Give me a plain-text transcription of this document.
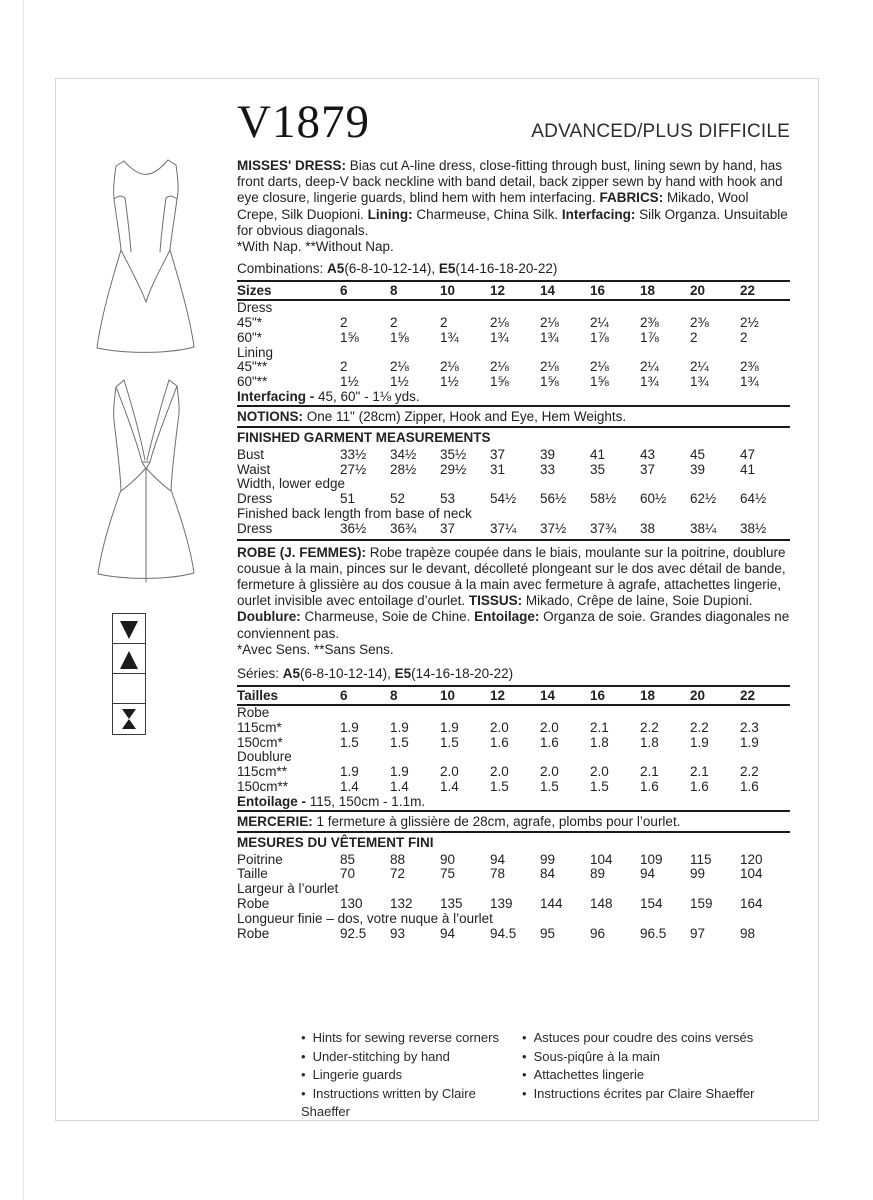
V1879	ADVANCED/PLUS DIFFICILE
MISSES' DRESS: Bias cut A-line dress, close-fitting through bust, lining sewn by hand, has front darts, deep-V back neckline with band detail, back zipper sewn by hand with hook and eye closure, lingerie guards, blind hem with hem interfacing. FABRICS: Mikado, Wool Crepe, Silk Duopioni. Lining: Charmeuse, China Silk. Interfacing: Silk Organza. Unsuitable for obvious diagonals.
*With Nap. **Without Nap.
Combinations: A5(6-8-10-12-14), E5(14-16-18-20-22)
Sizes	6	8	10	12	14	16	18	20	22
Dress									
45"*	2	2	2	2⅛	2⅛	2¼	2⅜	2⅜	2½
60"*	1⅝	1⅝	1¾	1¾	1¾	1⅞	1⅞	2	2
Lining									
45"**	2	2⅛	2⅛	2⅛	2⅛	2⅛	2¼	2¼	2⅜
60"**	1½	1½	1½	1⅝	1⅝	1⅝	1¾	1¾	1¾
Interfacing - 45, 60" - 1⅛ yds.									
NOTIONS: One 11" (28cm) Zipper, Hook and Eye, Hem Weights.
FINISHED GARMENT MEASUREMENTS
Bust	33½	34½	35½	37	39	41	43	45	47
Waist	27½	28½	29½	31	33	35	37	39	41
Width, lower edge									
Dress	51	52	53	54½	56½	58½	60½	62½	64½
Finished back length from base of neck									
Dress	36½	36¾	37	37¼	37½	37¾	38	38¼	38½
ROBE (J. FEMMES): Robe trapèze coupée dans le biais, moulante sur la poitrine, doublure cousue à la main, pinces sur le devant, décolleté plongeant sur le dos avec détail de bande, fermeture à glissière au dos cousue à la main avec fermeture à agrafe, attachettes lingerie, ourlet invisible avec entoilage d’ourlet. TISSUS: Mikado, Crêpe de laine, Soie Dupioni. Doublure: Charmeuse, Soie de Chine. Entoilage: Organza de soie. Grandes diagonales ne conviennent pas.
*Avec Sens. **Sans Sens.
Séries: A5(6-8-10-12-14), E5(14-16-18-20-22)
Tailles	6	8	10	12	14	16	18	20	22
Robe									
115cm*	1.9	1.9	1.9	2.0	2.0	2.1	2.2	2.2	2.3
150cm*	1.5	1.5	1.5	1.6	1.6	1.8	1.8	1.9	1.9
Doublure									
115cm**	1.9	1.9	2.0	2.0	2.0	2.0	2.1	2.1	2.2
150cm**	1.4	1.4	1.4	1.5	1.5	1.5	1.6	1.6	1.6
Entoilage - 115, 150cm - 1.1m.									
MERCERIE: 1 fermeture à glissière de 28cm, agrafe, plombs pour l’ourlet.
MESURES DU VÊTEMENT FINI
Poitrine	85	88	90	94	99	104	109	115	120
Taille	70	72	75	78	84	89	94	99	104
Largeur à l’ourlet									
Robe	130	132	135	139	144	148	154	159	164
Longueur finie – dos, votre nuque à l’ourlet									
Robe	92.5	93	94	94.5	95	96	96.5	97	98
• Hints for sewing reverse corners
• Under-stitching by hand
• Lingerie guards
• Instructions written by Claire Shaeffer
• Astuces pour coudre des coins versés
• Sous-piqûre à la main
• Attachettes lingerie
• Instructions écrites par Claire Shaeffer
